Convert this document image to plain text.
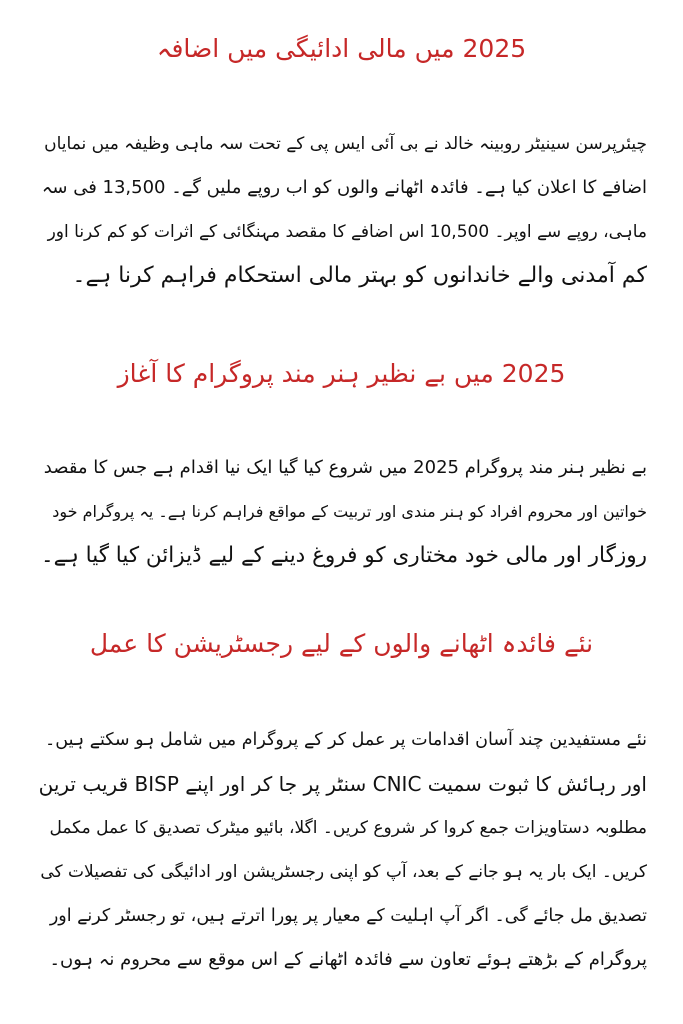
2025 میں مالی ادائیگی میں اضافہ

چیئرپرسن سینیٹر روبینہ خالد نے بی آئی ایس پی کے تحت سہ ماہی وظیفہ میں نمایاں
اضافے کا اعلان کیا ہے۔ فائدہ اٹھانے والوں کو اب روپے ملیں گے۔ 13,500 فی سہ
ماہی، روپے سے اوپر۔ 10,500 اس اضافے کا مقصد مہنگائی کے اثرات کو کم کرنا اور
کم آمدنی والے خاندانوں کو بہتر مالی استحکام فراہم کرنا ہے۔

2025 میں بے نظیر ہنر مند پروگرام کا آغاز

بے نظیر ہنر مند پروگرام 2025 میں شروع کیا گیا ایک نیا اقدام ہے جس کا مقصد
خواتین اور محروم افراد کو ہنر مندی اور تربیت کے مواقع فراہم کرنا ہے۔ یہ پروگرام خود
روزگار اور مالی خود مختاری کو فروغ دینے کے لیے ڈیزائن کیا گیا ہے۔

نئے فائدہ اٹھانے والوں کے لیے رجسٹریشن کا عمل

نئے مستفیدین چند آسان اقدامات پر عمل کر کے پروگرام میں شامل ہو سکتے ہیں۔
اور رہائش کا ثبوت سمیت CNIC سنٹر پر جا کر اور اپنے BISP قریب ترین
مطلوبہ دستاویزات جمع کروا کر شروع کریں۔ اگلا، بائیو میٹرک تصدیق کا عمل مکمل
کریں۔ ایک بار یہ ہو جانے کے بعد، آپ کو اپنی رجسٹریشن اور ادائیگی کی تفصیلات کی
تصدیق مل جائے گی۔ اگر آپ اہلیت کے معیار پر پورا اترتے ہیں، تو رجسٹر کرنے اور
پروگرام کے بڑھتے ہوئے تعاون سے فائدہ اٹھانے کے اس موقع سے محروم نہ ہوں۔
